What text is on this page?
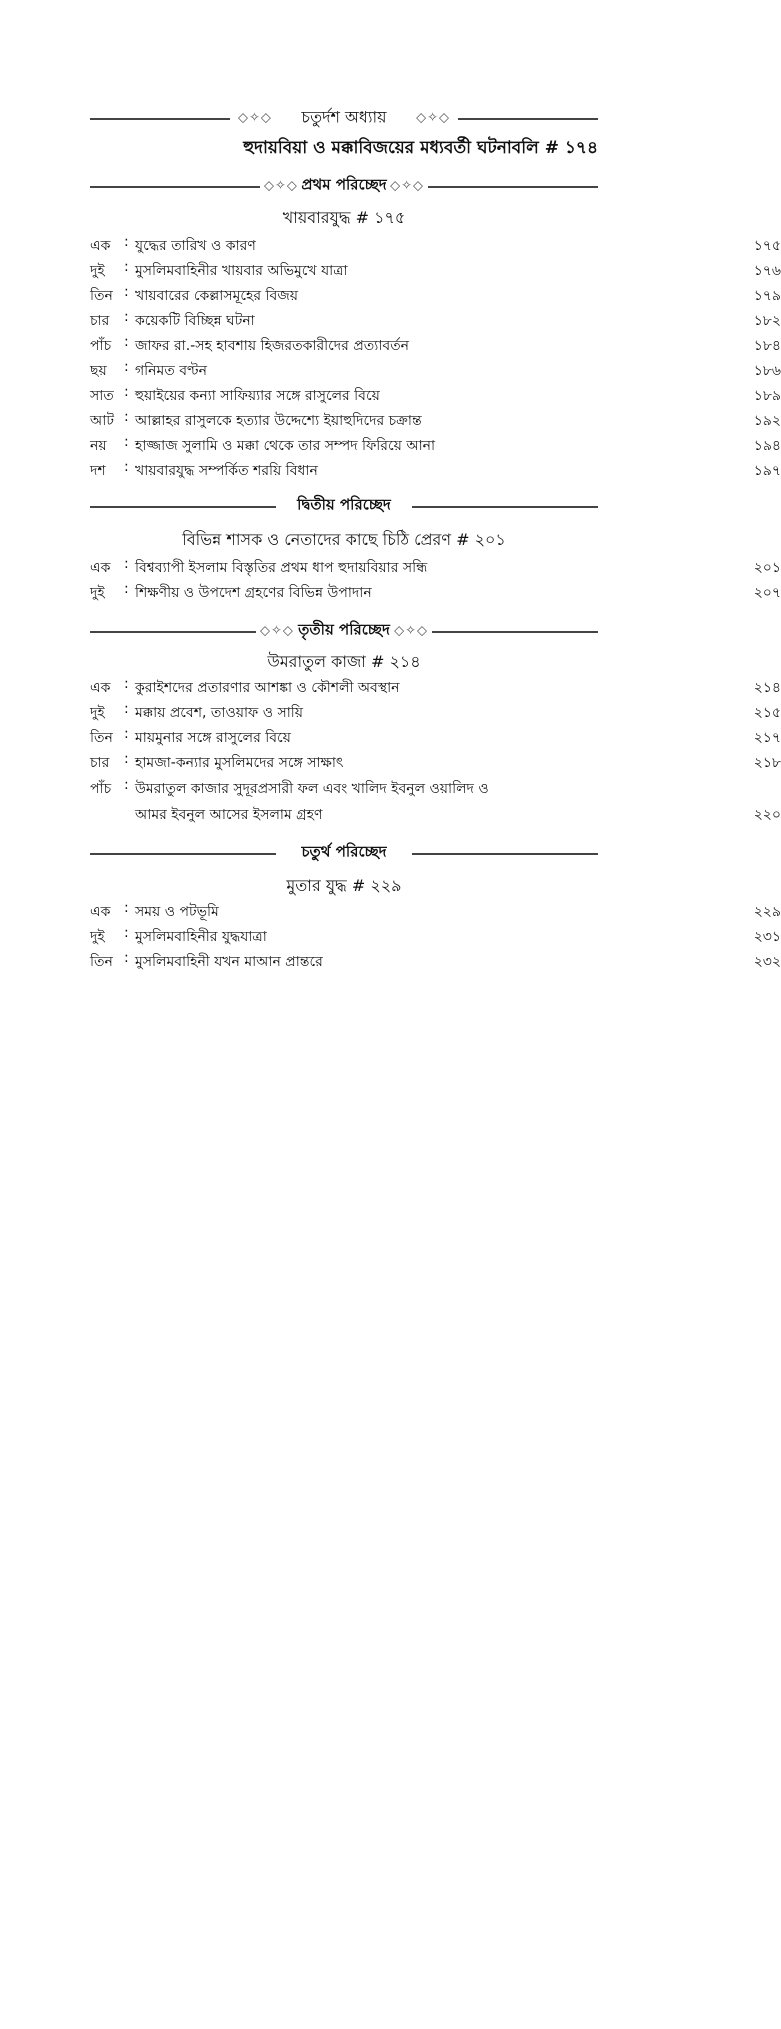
◇✧◇ চতুর্দশ অধ্যায় ◇✧◇
হুদায়বিয়া ও মক্কাবিজয়ের মধ্যবর্তী ঘটনাবলি # ১৭৪
◇✧◇ প্রথম পরিচ্ছেদ ◇✧◇
খায়বারযুদ্ধ # ১৭৫
এক : যুদ্ধের তারিখ ও কারণ	১৭৫
দুই	: মুসলিমবাহিনীর খায়বার অভিমুখে যাত্রা	১৭৬
তিন : খায়বারের কেল্লাসমূহের বিজয়	১৭৯
চার	: কয়েকটি বিচ্ছিন্ন ঘটনা	১৮২
পাঁচ : জাফর রা.-সহ হাবশায় হিজরতকারীদের প্রত্যাবর্তন	১৮৪
ছয়	: গনিমত বণ্টন	১৮৬
সাত : হুয়াইয়ের কন্যা সাফিয়্যার সঙ্গে রাসুলের বিয়ে	১৮৯
আট : আল্লাহর রাসুলকে হত্যার উদ্দেশ্যে ইয়াহুদিদের চক্রান্ত	১৯২
নয়	: হাজ্জাজ সুলামি ও মক্কা থেকে তার সম্পদ ফিরিয়ে আনা	১৯৪
দশ	: খায়বারযুদ্ধ সম্পর্কিত শরয়ি বিধান	১৯৭
দ্বিতীয় পরিচ্ছেদ
বিভিন্ন শাসক ও নেতাদের কাছে চিঠি প্রেরণ # ২০১
এক : বিশ্বব্যাপী ইসলাম বিস্তৃতির প্রথম ধাপ হুদায়বিয়ার সন্ধি	২০১
দুই	: শিক্ষণীয় ও উপদেশ গ্রহণের বিভিন্ন উপাদান	২০৭
◇✧◇ তৃতীয় পরিচ্ছেদ ◇✧◇
উমরাতুল কাজা # ২১৪
এক : কুরাইশদের প্রতারণার আশঙ্কা ও কৌশলী অবস্থান	২১৪
দুই	: মক্কায় প্রবেশ, তাওয়াফ ও সায়ি	২১৫
তিন : মায়মুনার সঙ্গে রাসুলের বিয়ে	২১৭
চার	: হামজা-কন্যার মুসলিমদের সঙ্গে সাক্ষাৎ	২১৮
পাঁচ : উমরাতুল কাজার সুদূরপ্রসারী ফল এবং খালিদ ইবনুল ওয়ালিদ ও
আমর ইবনুল আসের ইসলাম গ্রহণ	২২০
চতুর্থ পরিচ্ছেদ
মুতার যুদ্ধ # ২২৯
এক : সময় ও পটভূমি	২২৯
দুই	: মুসলিমবাহিনীর যুদ্ধযাত্রা	২৩১
তিন : মুসলিমবাহিনী যখন মাআন প্রান্তরে	২৩২
